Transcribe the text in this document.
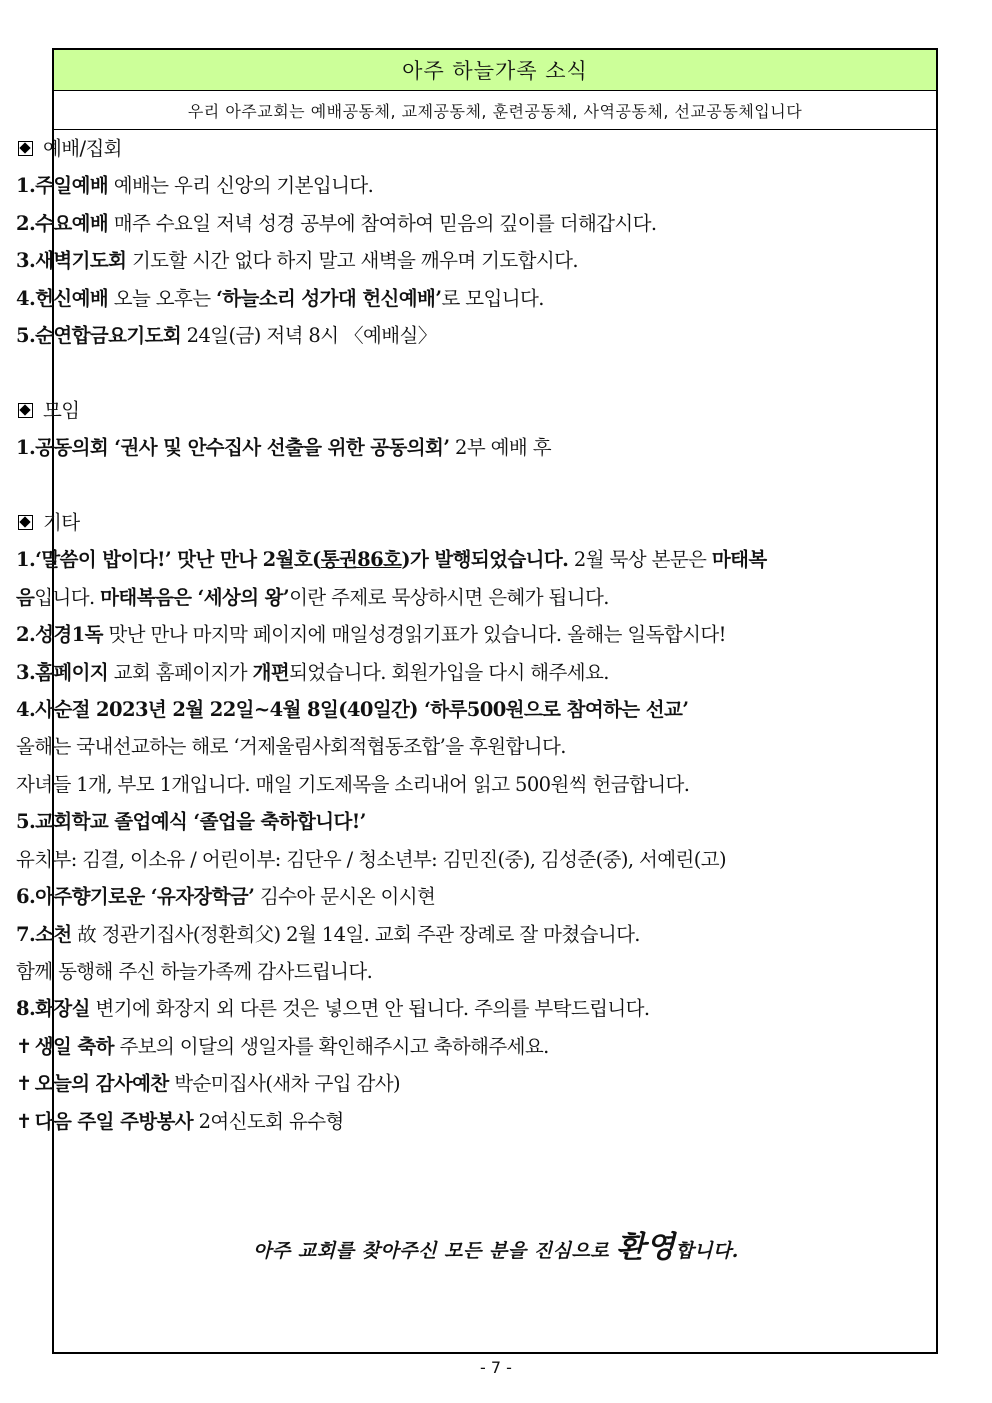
아주 하늘가족 소식
우리 아주교회는 예배공동체, 교제공동체, 훈련공동체, 사역공동체, 선교공동체입니다
예배/집회
1.주일예배 예배는 우리 신앙의 기본입니다.
2.수요예배 매주 수요일 저녁 성경 공부에 참여하여 믿음의 깊이를 더해갑시다.
3.새벽기도회 기도할 시간 없다 하지 말고 새벽을 깨우며 기도합시다.
4.헌신예배 오늘 오후는 ‘하늘소리 성가대 헌신예배’로 모입니다.
5.순연합금요기도회 24일(금) 저녁 8시 〈예배실〉
모임
1.공동의회 ‘권사 및 안수집사 선출을 위한 공동의회’ 2부 예배 후
기타
1.‘말씀이 밥이다!’ 맛난 만나 2월호(통권86호)가 발행되었습니다. 2월 묵상 본문은 마태복
음입니다. 마태복음은 ‘세상의 왕’이란 주제로 묵상하시면 은혜가 됩니다.
2.성경1독 맛난 만나 마지막 페이지에 매일성경읽기표가 있습니다. 올해는 일독합시다!
3.홈페이지 교회 홈페이지가 개편되었습니다. 회원가입을 다시 해주세요.
4.사순절 2023년 2월 22일~4월 8일(40일간) ‘하루500원으로 참여하는 선교’
올해는 국내선교하는 해로 ‘거제울림사회적협동조합’을 후원합니다.
자녀들 1개, 부모 1개입니다. 매일 기도제목을 소리내어 읽고 500원씩 헌금합니다.
5.교회학교 졸업예식 ‘졸업을 축하합니다!’
유치부: 김결, 이소유 / 어린이부: 김단우 / 청소년부: 김민진(중), 김성준(중), 서예린(고)
6.아주향기로운 ‘유자장학금’ 김수아 문시온 이시현
7.소천 故 정관기집사(정환희父) 2월 14일. 교회 주관 장례로 잘 마쳤습니다.
함께 동행해 주신 하늘가족께 감사드립니다.
8.화장실 변기에 화장지 외 다른 것은 넣으면 안 됩니다. 주의를 부탁드립니다.
✝ 생일 축하 주보의 이달의 생일자를 확인해주시고 축하해주세요.
✝ 오늘의 감사예찬 박순미집사(새차 구입 감사)
✝ 다음 주일 주방봉사 2여신도회 유수형
아주 교회를 찾아주신 모든 분을 진심으로 환영합니다.
- 7 -
